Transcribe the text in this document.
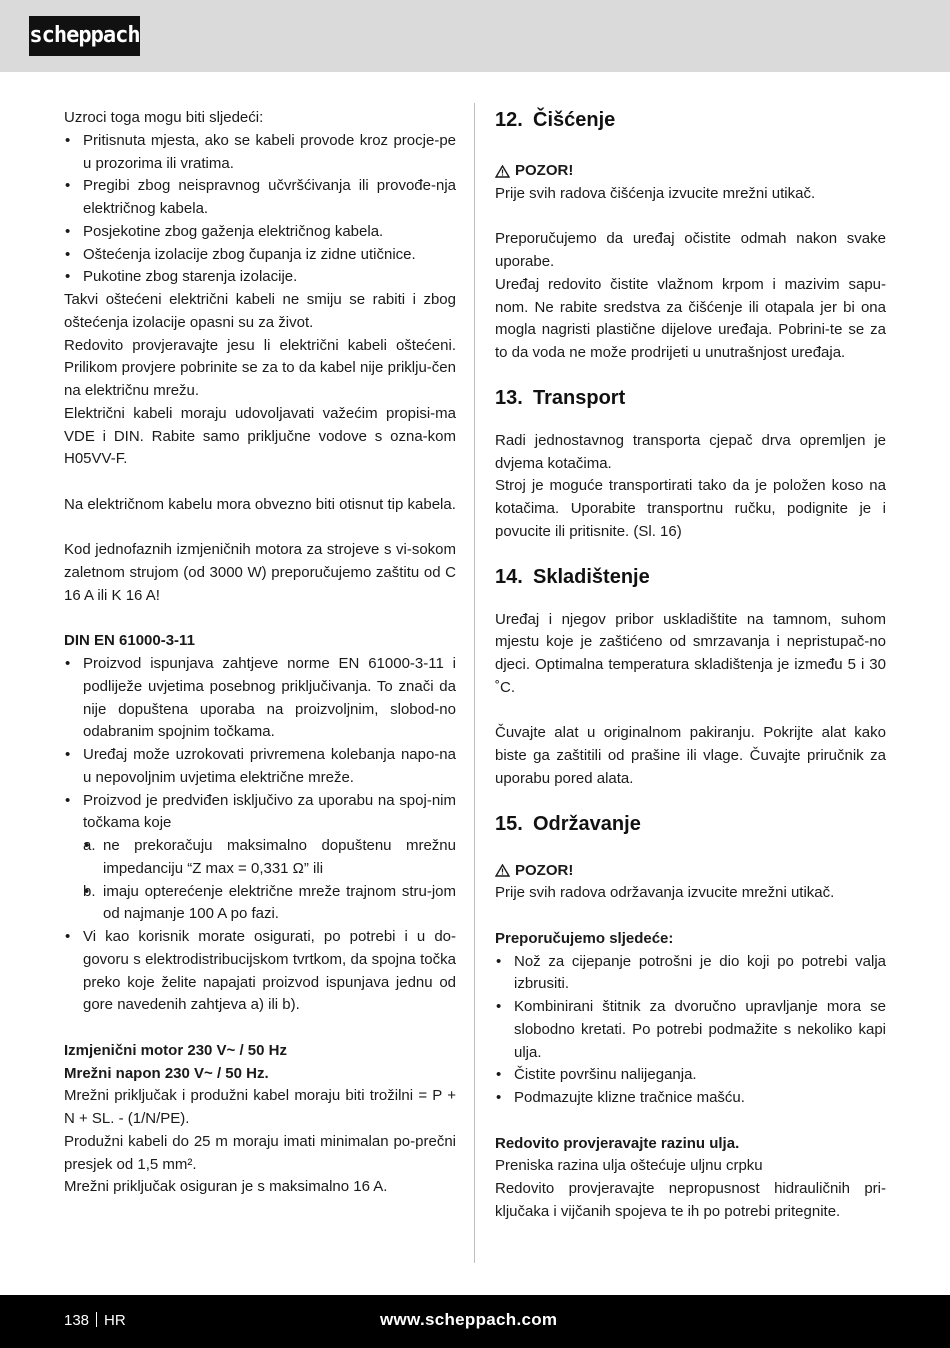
scheppach

Uzroci toga mogu biti sljedeći:

• Pritisnuta mjesta, ako se kabeli provode kroz procje-pe u prozorima ili vratima.
• Pregibi zbog neispravnog učvršćivanja ili provođe-nja električnog kabela.
• Posjekotine zbog gaženja električnog kabela.
• Oštećenja izolacije zbog čupanja iz zidne utičnice.
• Pukotine zbog starenja izolacije.

Takvi oštećeni električni kabeli ne smiju se rabiti i zbog oštećenja izolacije opasni su za život.

Redovito provjeravajte jesu li električni kabeli oštećeni. Prilikom provjere pobrinite se za to da kabel nije priklju-čen na električnu mrežu.

Električni kabeli moraju udovoljavati važećim propisi-ma VDE i DIN. Rabite samo priključne vodove s ozna-kom H05VV-F.

Na električnom kabelu mora obvezno biti otisnut tip kabela.

Kod jednofaznih izmjeničnih motora za strojeve s vi-sokom zaletnom strujom (od 3000 W) preporučujemo zaštitu od C 16 A ili K 16 A!

DIN EN 61000-3-11

• Proizvod ispunjava zahtjeve norme EN 61000-3-11 i podliježe uvjetima posebnog priključivanja. To znači da nije dopuštena uporaba na proizvoljnim, slobod-no odabranim spojnim točkama.
• Uređaj može uzrokovati privremena kolebanja napo-na u nepovoljnim uvjetima električne mreže.
• Proizvod je predviđen isključivo za uporabu na spoj-nim točkama koje
• a. ne prekoračuju maksimalno dopuštenu mrežnu impedanciju “Z max = 0,331 Ω” ili
• b. imaju opterećenje električne mreže trajnom stru-jom od najmanje 100 A po fazi.
• Vi kao korisnik morate osigurati, po potrebi i u do-govoru s elektrodistribucijskom tvrtkom, da spojna točka preko koje želite napajati proizvod ispunjava jednu od gore navedenih zahtjeva a) ili b).

Izmjenični motor 230 V~ / 50 Hz

Mrežni napon 230 V~ / 50 Hz.

Mrežni priključak i produžni kabel moraju biti trožilni = P + N + SL. - (1/N/PE).

Produžni kabeli do 25 m moraju imati minimalan po-prečni presjek od 1,5 mm².

Mrežni priključak osiguran je s maksimalno 16 A.

12. Čišćenje
POZOR!

Prije svih radova čišćenja izvucite mrežni utikač.

Preporučujemo da uređaj očistite odmah nakon svake uporabe.

Uređaj redovito čistite vlažnom krpom i mazivim sapu-nom. Ne rabite sredstva za čišćenje ili otapala jer bi ona mogla nagristi plastične dijelove uređaja. Pobrini-te se za to da voda ne može prodrijeti u unutrašnjost uređaja.

13. Transport

Radi jednostavnog transporta cjepač drva opremljen je dvjema kotačima.

Stroj je moguće transportirati tako da je položen koso na kotačima. Uporabite transportnu ručku, podignite je i povucite ili pritisnite. (Sl. 16)

14. Skladištenje

Uređaj i njegov pribor uskladištite na tamnom, suhom mjestu koje je zaštićeno od smrzavanja i nepristupač-no djeci. Optimalna temperatura skladištenja je između 5 i 30 ˚C.

Čuvajte alat u originalnom pakiranju. Pokrijte alat kako biste ga zaštitili od prašine ili vlage. Čuvajte priručnik za uporabu pored alata.

15. Održavanje
POZOR!

Prije svih radova održavanja izvucite mrežni utikač.

Preporučujemo sljedeće:

• Nož za cijepanje potrošni je dio koji po potrebi valja izbrusiti.
• Kombinirani štitnik za dvoručno upravljanje mora se slobodno kretati. Po potrebi podmažite s nekoliko kapi ulja.
• Čistite površinu nalijeganja.
• Podmazujte klizne tračnice mašću.

Redovito provjeravajte razinu ulja.

Preniska razina ulja oštećuje uljnu crpku

Redovito provjeravajte nepropusnost hidrauličnih pri-ključaka i vijčanih spojeva te ih po potrebi pritegnite.

138 HR	www.scheppach.com
